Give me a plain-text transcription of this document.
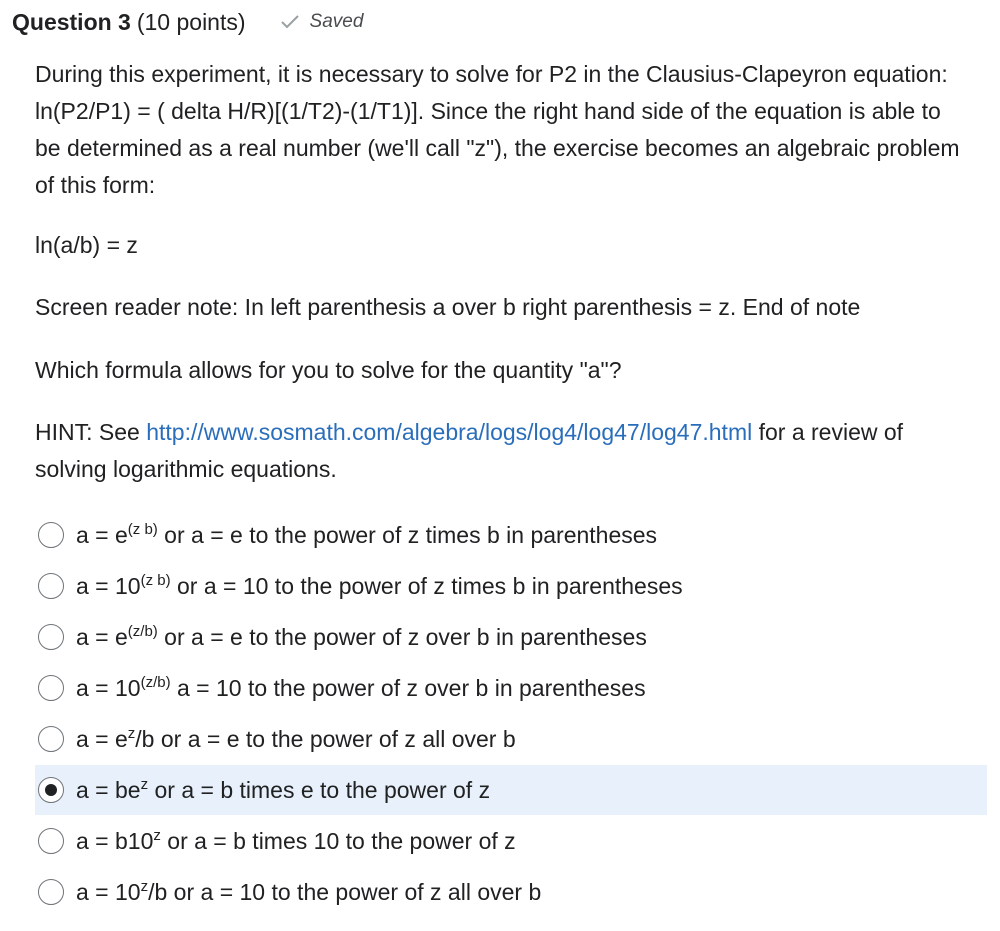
Question 3 (10 points)	Saved
During this experiment, it is necessary to solve for P2 in the Clausius-Clapeyron equation: ln(P2/P1) = ( delta H/R)[(1/T2)-(1/T1)]. Since the right hand side of the equation is able to be determined as a real number (we'll call "z"), the exercise becomes an algebraic problem of this form:
ln(a/b) = z
Screen reader note: In left parenthesis a over b right parenthesis = z. End of note
Which formula allows for you to solve for the quantity "a"?
HINT: See http://www.sosmath.com/algebra/logs/log4/log47/log47.html for a review of solving logarithmic equations.
$a = e^{(z b)}$ or a = e to the power of z times b in parentheses
$a = 10^{(z b)}$ or a = 10 to the power of z times b in parentheses
$a = e^{(z/b)}$ or a = e to the power of z over b in parentheses
$a = 10^{(z/b)}$ a = 10 to the power of z over b in parentheses
$a = e^z/b$ or a = e to the power of z all over b
$a = be^z$ or a = b times e to the power of z
$a = b10^z$ or a = b times 10 to the power of z
$a = 10^z/b$ or a = 10 to the power of z all over b
